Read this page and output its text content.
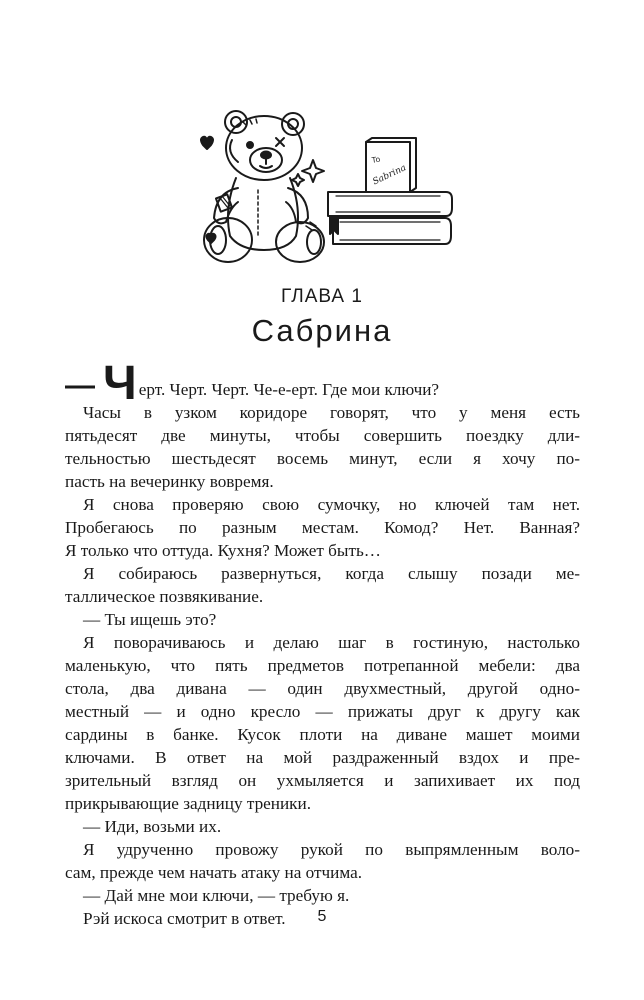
To
Sabrina
ГЛАВА 1
Сабрина
— Ч ерт. Черт. Черт. Че-е-ерт. Где мои ключи?
Часы в узком коридоре говорят, что у меня есть
пятьдесят две минуты, чтобы совершить поездку дли-
тельностью шестьдесят восемь минут, если я хочу по-
пасть на вечеринку вовремя.
Я снова проверяю свою сумочку, но ключей там нет.
Пробегаюсь по разным местам. Комод? Нет. Ванная?
Я только что оттуда. Кухня? Может быть…
Я собираюсь развернуться, когда слышу позади ме-
таллическое позвякивание.
— Ты ищешь это?
Я поворачиваюсь и делаю шаг в гостиную, настолько
маленькую, что пять предметов потрепанной мебели: два
стола, два дивана — один двухместный, другой одно-
местный — и одно кресло — прижаты друг к другу как
сардины в банке. Кусок плоти на диване машет моими
ключами. В ответ на мой раздраженный вздох и пре-
зрительный взгляд он ухмыляется и запихивает их под
прикрывающие задницу треники.
— Иди, возьми их.
Я удрученно провожу рукой по выпрямленным воло-
сам, прежде чем начать атаку на отчима.
— Дай мне мои ключи, — требую я.
Рэй искоса смотрит в ответ.	5
